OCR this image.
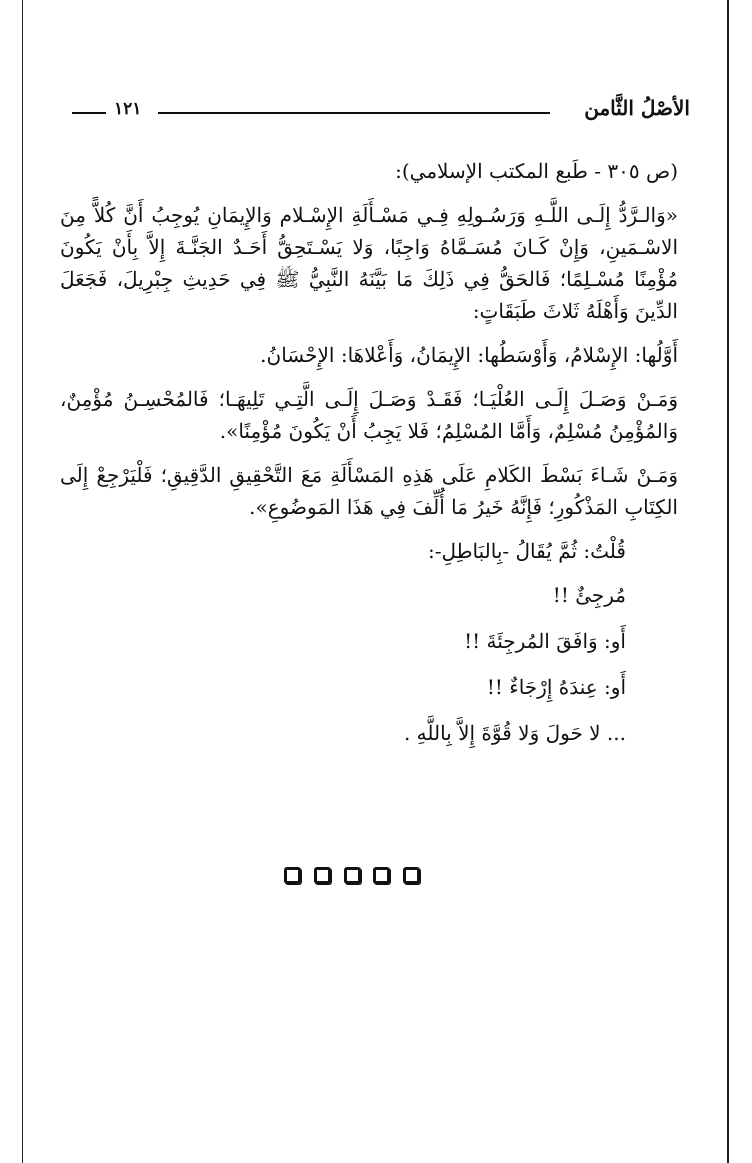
١٢١	الأصْلُ الثَّامن

(ص ٣٠٥ - طَبع المكتب الإسلامي):

«وَالـرَّدُّ إِلَـى اللَّـهِ وَرَسُـولِهِ فِـي مَسْـأَلَةِ الإِسْـلام وَالإِيمَانِ يُوجِبُ أَنَّ كُلاًّ مِنَ الاسْـمَينِ، وَإِنْ كَـانَ مُسَـمَّاهُ وَاجِبًا، وَلا يَسْـتَحِقُّ أَحَـدٌ الجَنَّـةَ إِلاَّ بِأَنْ يَكُونَ مُؤْمِنًا مُسْـلِمًا؛ فَالحَقُّ فِي ذَلِكَ مَا بَيَّنَهُ النَّبِيُّ ﷺ فِي حَدِيثِ جِبْرِيلَ، فَجَعَلَ الدِّينَ وَأَهْلَهُ ثَلاثَ طَبَقَاتٍ:

أَوَّلُها: الإِسْلامُ، وَأَوْسَطُها: الإِيمَانُ، وَأَعْلاهَا: الإِحْسَانُ.

وَمَـنْ وَصَـلَ إِلَـى العُلْيَـا؛ فَقَـدْ وَصَـلَ إِلَـى الَّتِـي تَلِيهَـا؛ فَالمُحْسِـنُ مُؤْمِنٌ، وَالمُؤْمِنُ مُسْلِمٌ، وَأَمَّا المُسْلِمُ؛ فَلا يَجِبُ أَنْ يَكُونَ مُؤْمِنًا».

وَمَـنْ شَـاءَ بَسْطَ الكَلامِ عَلَى هَذِهِ المَسْأَلَةِ مَعَ التَّحْقِيقِ الدَّقِيقِ؛ فَلْيَرْجِعْ إِلَى الكِتَابِ المَذْكُورِ؛ فَإِنَّهُ خَيرُ مَا أُلِّفَ فِي هَذَا المَوضُوعِ».

قُلْتُ: ثُمَّ يُقَالُ -بِالبَاطِلِ-:

مُرجِئٌ !!

أَو: وَافَقَ المُرجِئَةَ !!

أَو: عِندَهُ إِرْجَاءٌ !!

... لا حَولَ وَلا قُوَّةَ إِلاَّ بِاللَّهِ .
